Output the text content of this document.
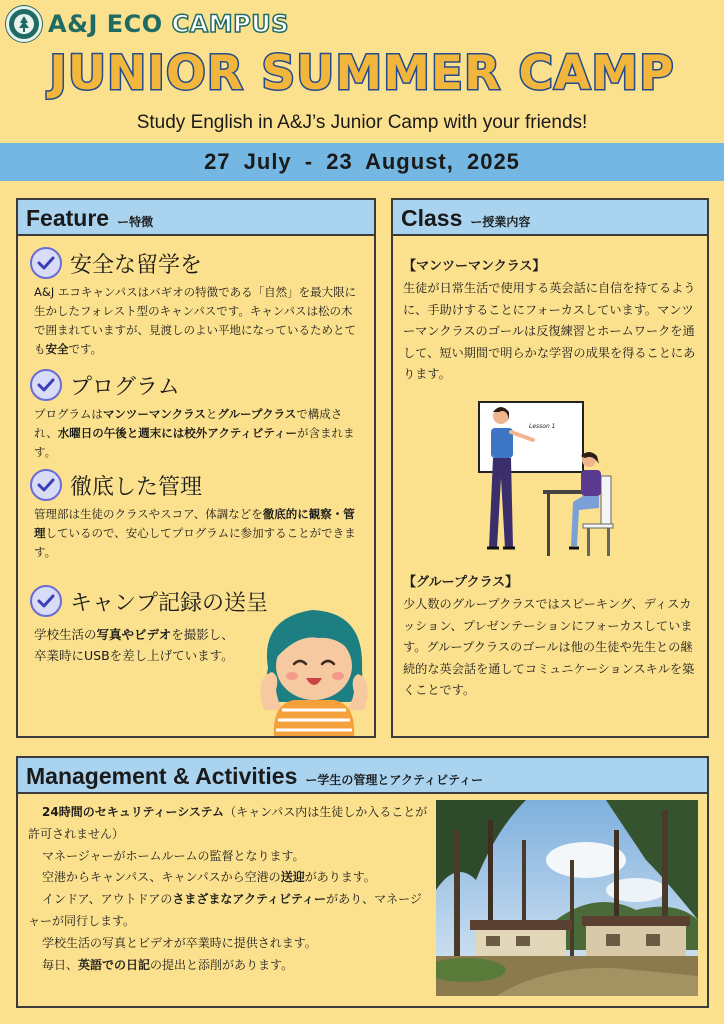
A&J ECO CAMPUS
JUNIOR SUMMER CAMP
Study English in A&J’s Junior Camp with your friends!
27 July - 23 August, 2025
Feature ー特徴
安全な留学を
A&J エコキャンパスはバギオの特徴である「自然」を最大限に生かしたフォレスト型のキャンパスです。キャンパスは松の木で囲まれていますが、見渡しのよい平地になっているためとても安全です。
プログラム
プログラムはマンツーマンクラスとグループクラスで構成され、水曜日の午後と週末には校外アクティビティーが含まれます。
徹底した管理
管理部は生徒のクラスやスコア、体調などを徹底的に観察・管理しているので、安心してプログラムに参加することができます。
キャンプ記録の送呈
学校生活の写真やビデオを撮影し、卒業時にUSBを差し上げています。
Class ー授業内容
【マンツーマンクラス】
生徒が日常生活で使用する英会話に自信を持てるように、手助けすることにフォーカスしています。マンツーマンクラスのゴールは反復練習とホームワークを通して、短い期間で明らかな学習の成果を得ることにあります。
Lesson 1
【グループクラス】
少人数のグループクラスではスピーキング、ディスカッション、プレゼンテーションにフォーカスしています。グループクラスのゴールは他の生徒や先生との継続的な英会話を通してコミュニケーションスキルを築くことです。
Management & Activities ー学生の管理とアクティビティー

24時間のセキュリティーシステム（キャンパス内は生徒しか入ることが許可されません）

マネージャーがホームルームの監督となります。

空港からキャンパス、キャンパスから空港の送迎があります。

インドア、アウトドアのさまざまなアクティビティーがあり、マネージャーが同行します。

学校生活の写真とビデオが卒業時に提供されます。

毎日、英語での日記の提出と添削があります。
